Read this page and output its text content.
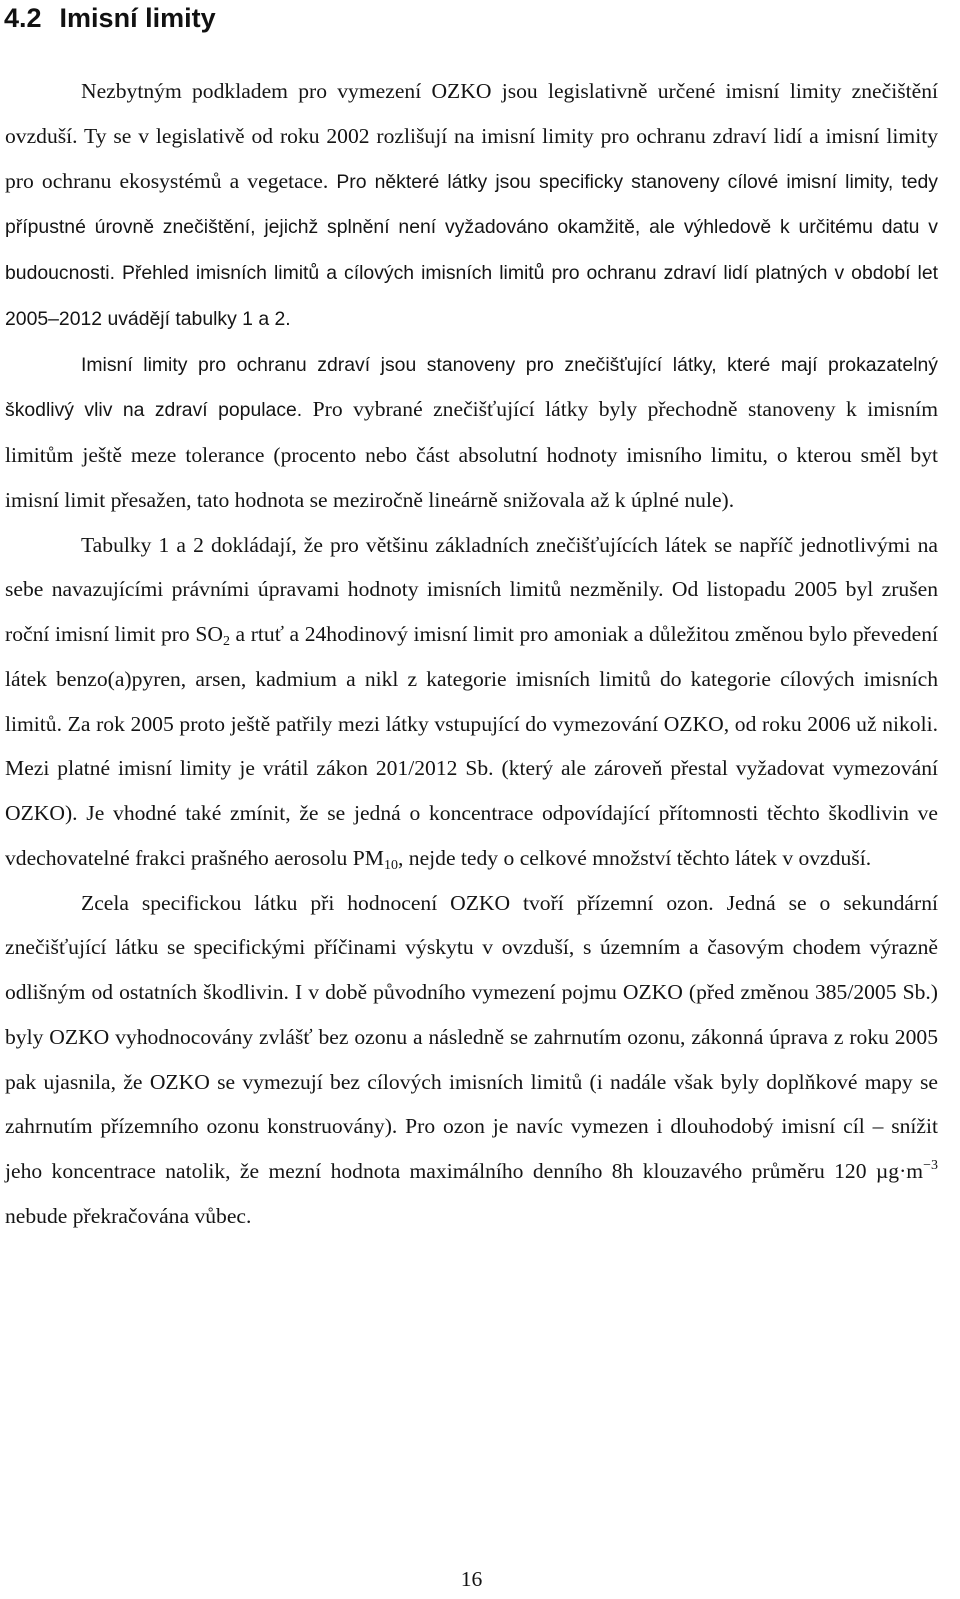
4.2 Imisní limity

Nezbytným podkladem pro vymezení OZKO jsou legislativně určené imisní limity znečištění ovzduší. Ty se v legislativě od roku 2002 rozlišují na imisní limity pro ochranu zdraví lidí a imisní limity pro ochranu ekosystémů a vegetace. Pro některé látky jsou specificky stanoveny cílové imisní limity, tedy přípustné úrovně znečištění, jejichž splnění není vyžadováno okamžitě, ale výhledově k určitému datu v budoucnosti. Přehled imisních limitů a cílových imisních limitů pro ochranu zdraví lidí platných v období let 2005–2012 uvádějí tabulky 1 a 2.

Imisní limity pro ochranu zdraví jsou stanoveny pro znečišťující látky, které mají prokazatelný škodlivý vliv na zdraví populace. Pro vybrané znečišťující látky byly přechodně stanoveny k imisním limitům ještě meze tolerance (procento nebo část absolutní hodnoty imisního limitu, o kterou směl byt imisní limit přesažen, tato hodnota se meziročně lineárně snižovala až k úplné nule).

Tabulky 1 a 2 dokládají, že pro většinu základních znečišťujících látek se napříč jednotlivými na sebe navazujícími právními úpravami hodnoty imisních limitů nezměnily. Od listopadu 2005 byl zrušen roční imisní limit pro $SO_2$ a rtuť a 24hodinový imisní limit pro amoniak a důležitou změnou bylo převedení látek benzo(a)pyren, arsen, kadmium a nikl z kategorie imisních limitů do kategorie cílových imisních limitů. Za rok 2005 proto ještě patřily mezi látky vstupující do vymezování OZKO, od roku 2006 už nikoli. Mezi platné imisní limity je vrátil zákon 201/2012 Sb. (který ale zároveň přestal vyžadovat vymezování OZKO). Je vhodné také zmínit, že se jedná o koncentrace odpovídající přítomnosti těchto škodlivin ve vdechovatelné frakci prašného aerosolu $PM_{10}$, nejde tedy o celkové množství těchto látek v ovzduší.

Zcela specifickou látku při hodnocení OZKO tvoří přízemní ozon. Jedná se o sekundární znečišťující látku se specifickými příčinami výskytu v ovzduší, s územním a časovým chodem výrazně odlišným od ostatních škodlivin. I v době původního vymezení pojmu OZKO (před změnou 385/2005 Sb.) byly OZKO vyhodnocovány zvlášť bez ozonu a následně se zahrnutím ozonu, zákonná úprava z roku 2005 pak ujasnila, že OZKO se vymezují bez cílových imisních limitů (i nadále však byly doplňkové mapy se zahrnutím přízemního ozonu konstruovány). Pro ozon je navíc vymezen i dlouhodobý imisní cíl – snížit jeho koncentrace natolik, že mezní hodnota maximálního denního 8h klouzavého průměru 120 $\mu g\cdot m^{-3}$ nebude překračována vůbec.

16
